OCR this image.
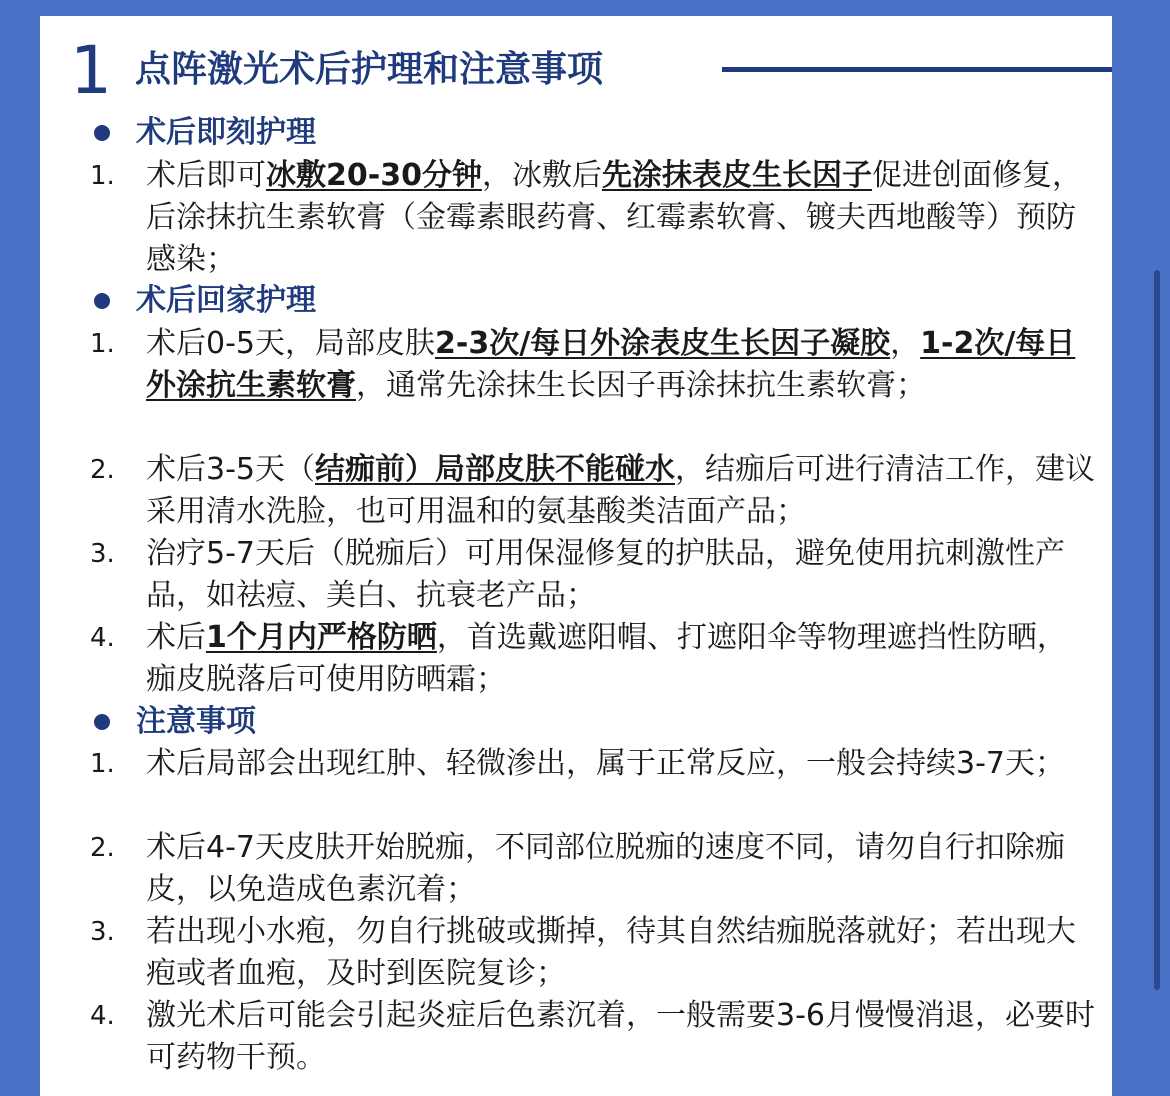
1 点阵激光术后护理和注意事项
术后即刻护理
1. 术后即可冰敷20-30分钟，冰敷后先涂抹表皮生长因子促进创面修复，后涂抹抗生素软膏（金霉素眼药膏、红霉素软膏、镀夫西地酸等）预防感染；
术后回家护理
1. 术后0-5天，局部皮肤2-3次/每日外涂表皮生长因子凝胶，1-2次/每日外涂抗生素软膏，通常先涂抹生长因子再涂抹抗生素软膏；
2. 术后3-5天（结痂前）局部皮肤不能碰水，结痂后可进行清洁工作，建议采用清水洗脸，也可用温和的氨基酸类洁面产品；
3. 治疗5-7天后（脱痂后）可用保湿修复的护肤品，避免使用抗刺激性产品，如祛痘、美白、抗衰老产品；
4. 术后1个月内严格防晒，首选戴遮阳帽、打遮阳伞等物理遮挡性防晒，痂皮脱落后可使用防晒霜；
注意事项
1. 术后局部会出现红肿、轻微渗出，属于正常反应，一般会持续3-7天；
2. 术后4-7天皮肤开始脱痂，不同部位脱痂的速度不同，请勿自行扣除痂皮，以免造成色素沉着；
3. 若出现小水疱，勿自行挑破或撕掉，待其自然结痂脱落就好；若出现大疱或者血疱，及时到医院复诊；
4. 激光术后可能会引起炎症后色素沉着，一般需要3-6月慢慢消退，必要时可药物干预。
